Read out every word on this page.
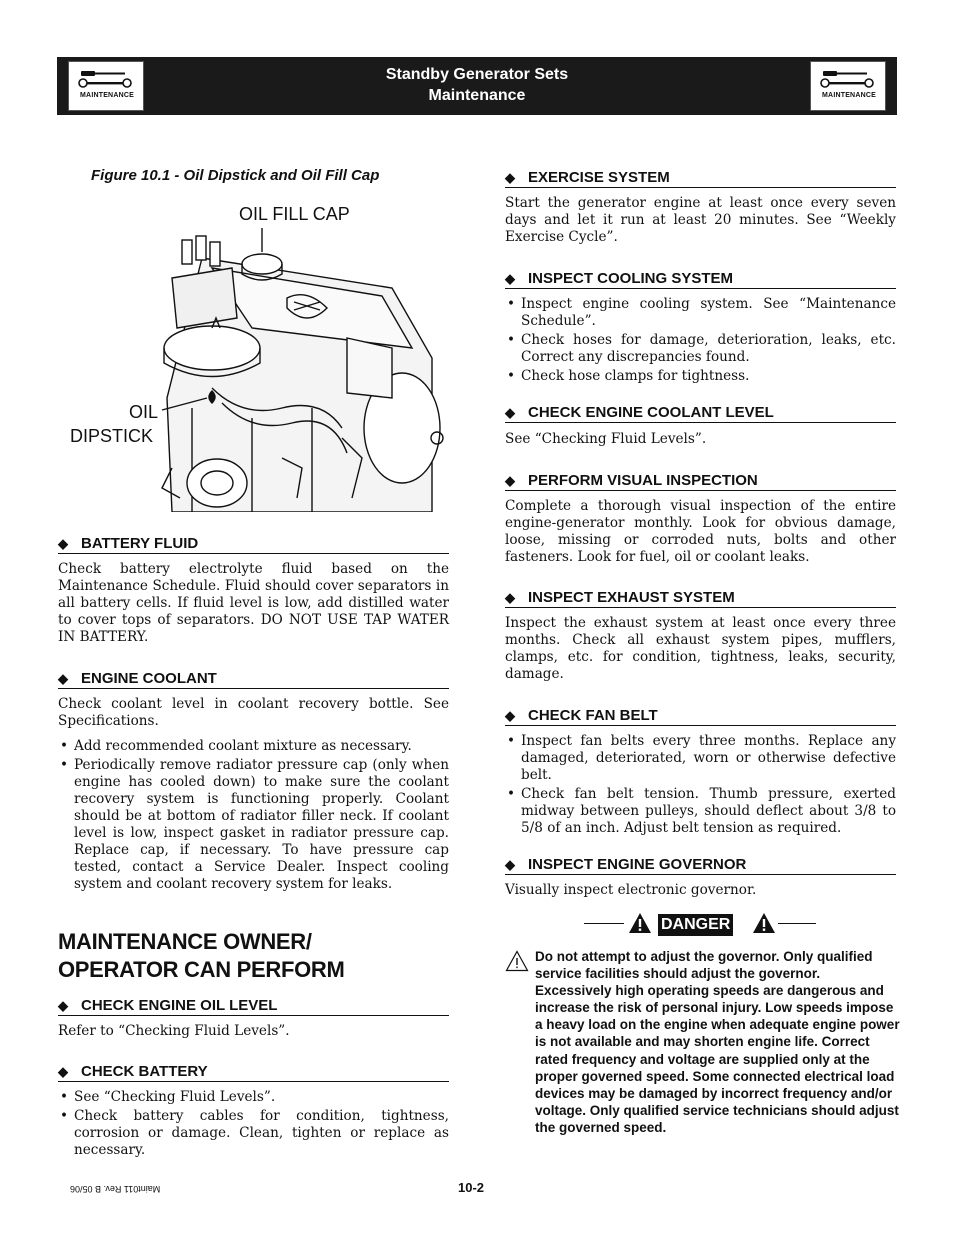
MAINTENANCE
Standby Generator Sets
Maintenance	MAINTENANCE
Figure 10.1 - Oil Dipstick and Oil Fill Cap
OIL FILL CAP
OIL
DIPSTICK
◆ BATTERY FLUID
Check battery electrolyte fluid based on the Maintenance Schedule. Fluid should cover separators in all battery cells. If fluid level is low, add distilled water to cover tops of separators. DO NOT USE TAP WATER IN BATTERY.
◆ ENGINE COOLANT
Check coolant level in coolant recovery bottle. See Specifications.
• Add recommended coolant mixture as necessary.
• Periodically remove radiator pressure cap (only when engine has cooled down) to make sure the coolant recovery system is functioning properly. Coolant should be at bottom of radiator filler neck. If coolant level is low, inspect gasket in radiator pressure cap. Replace cap, if necessary. To have pressure cap tested, contact a Service Dealer. Inspect cooling system and coolant recovery system for leaks.
MAINTENANCE OWNER/
OPERATOR CAN PERFORM
◆ CHECK ENGINE OIL LEVEL
Refer to “Checking Fluid Levels”.
◆ CHECK BATTERY
• See “Checking Fluid Levels”.
• Check battery cables for condition, tightness, corrosion or damage. Clean, tighten or replace as necessary.
◆ EXERCISE SYSTEM
Start the generator engine at least once every seven days and let it run at least 20 minutes. See “Weekly Exercise Cycle”.
◆ INSPECT COOLING SYSTEM
• Inspect engine cooling system. See “Maintenance Schedule”.
• Check hoses for damage, deterioration, leaks, etc. Correct any discrepancies found.
• Check hose clamps for tightness.
◆ CHECK ENGINE COOLANT LEVEL
See “Checking Fluid Levels”.
◆ PERFORM VISUAL INSPECTION
Complete a thorough visual inspection of the entire engine-generator monthly. Look for obvious damage, loose, missing or corroded nuts, bolts and other fasteners. Look for fuel, oil or coolant leaks.
◆ INSPECT EXHAUST SYSTEM
Inspect the exhaust system at least once every three months. Check all exhaust system pipes, mufflers, clamps, etc. for condition, tightness, leaks, security, damage.
◆ CHECK FAN BELT
• Inspect fan belts every three months. Replace any damaged, deteriorated, worn or otherwise defective belt.
• Check fan belt tension. Thumb pressure, exerted midway between pulleys, should deflect about 3/8 to 5/8 of an inch. Adjust belt tension as required.
◆ INSPECT ENGINE GOVERNOR
Visually inspect electronic governor.
DANGER
Do not attempt to adjust the governor. Only qualified service facilities should adjust the governor. Excessively high operating speeds are dangerous and increase the risk of personal injury. Low speeds impose a heavy load on the engine when adequate engine power is not available and may shorten engine life. Correct rated frequency and voltage are supplied only at the proper governed speed. Some connected electrical load devices may be damaged by incorrect frequency and/or voltage. Only qualified service technicians should adjust the governed speed.
10-2
Maint011 Rev. B 05/06
